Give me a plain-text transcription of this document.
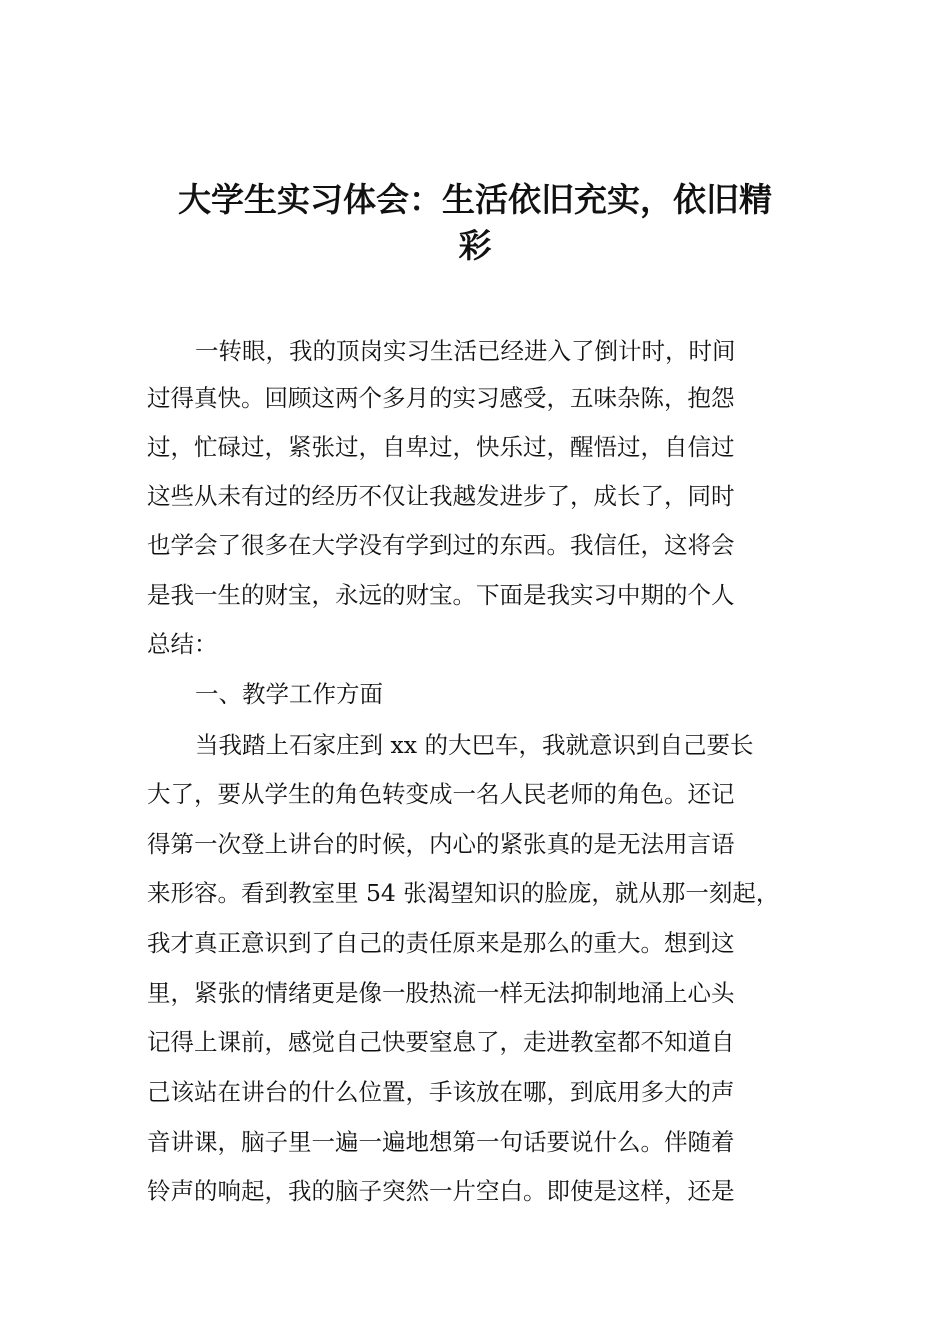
大学生实习体会：生活依旧充实，依旧精
彩
一转眼，我的顶岗实习生活已经进入了倒计时，时间
过得真快。回顾这两个多月的实习感受，五味杂陈，抱怨
过，忙碌过，紧张过，自卑过，快乐过，醒悟过，自信过
这些从未有过的经历不仅让我越发进步了，成长了，同时
也学会了很多在大学没有学到过的东西。我信任，这将会
是我一生的财宝，永远的财宝。下面是我实习中期的个人
总结：
一、教学工作方面
当我踏上石家庄到 xx 的大巴车，我就意识到自己要长
大了，要从学生的角色转变成一名人民老师的角色。还记
得第一次登上讲台的时候，内心的紧张真的是无法用言语
来形容。看到教室里 54 张渴望知识的脸庞，就从那一刻起，
我才真正意识到了自己的责任原来是那么的重大。想到这
里，紧张的情绪更是像一股热流一样无法抑制地涌上心头
记得上课前，感觉自己快要窒息了，走进教室都不知道自
己该站在讲台的什么位置，手该放在哪，到底用多大的声
音讲课，脑子里一遍一遍地想第一句话要说什么。伴随着
铃声的响起，我的脑子突然一片空白。即使是这样，还是
